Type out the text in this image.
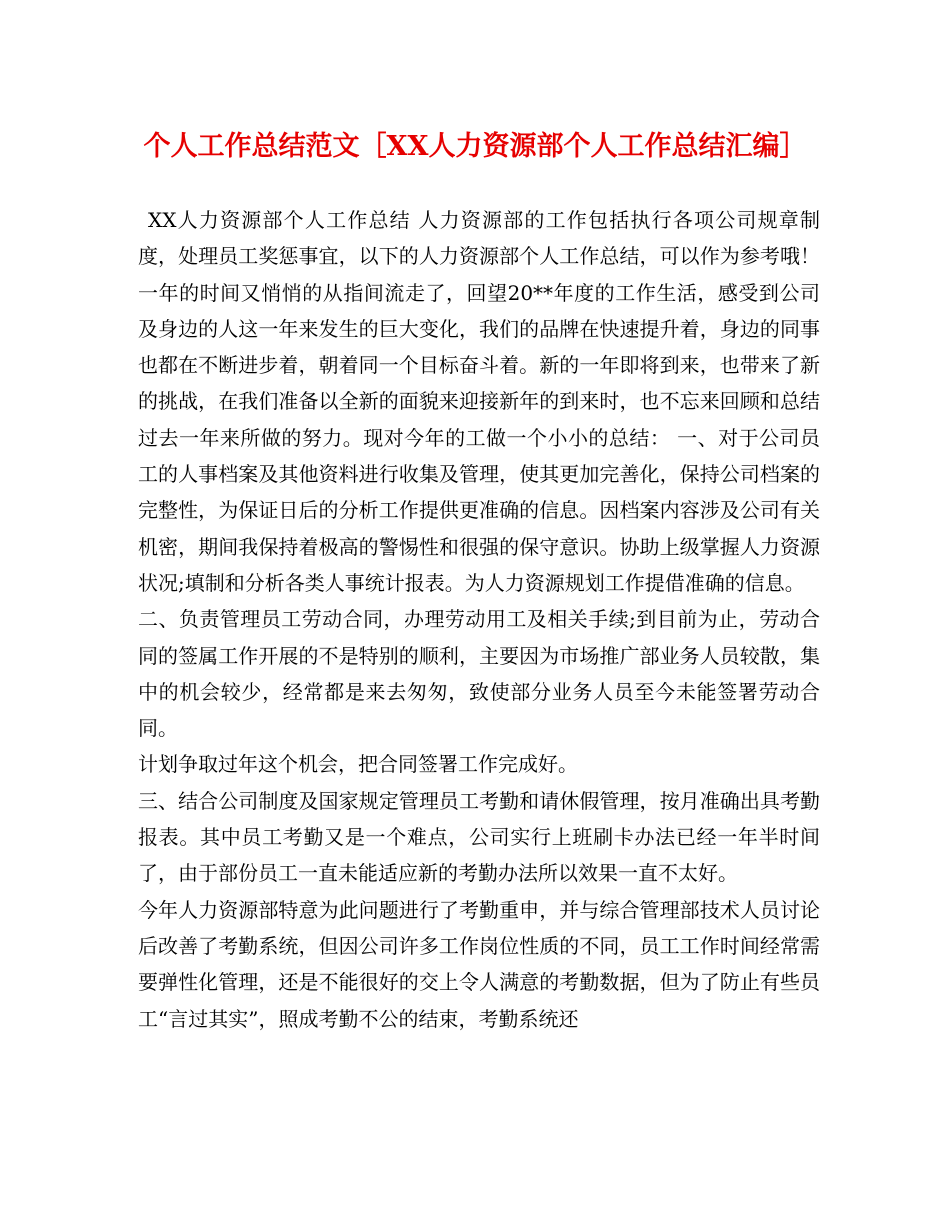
个人工作总结范文［XX人力资源部个人工作总结汇编］

XX人力资源部个人工作总结 人力资源部的工作包括执行各项公司规章制度，处理员工奖惩事宜，以下的人力资源部个人工作总结，可以作为参考哦！ 一年的时间又悄悄的从指间流走了，回望20**年度的工作生活，感受到公司及身边的人这一年来发生的巨大变化，我们的品牌在快速提升着，身边的同事也都在不断进步着，朝着同一个目标奋斗着。新的一年即将到来，也带来了新的挑战，在我们准备以全新的面貌来迎接新年的到来时，也不忘来回顾和总结过去一年来所做的努力。现对今年的工做一个小小的总结： 一、对于公司员工的人事档案及其他资料进行收集及管理，使其更加完善化，保持公司档案的完整性，为保证日后的分析工作提供更准确的信息。因档案内容涉及公司有关机密，期间我保持着极高的警惕性和很强的保守意识。协助上级掌握人力资源状况;填制和分析各类人事统计报表。为人力资源规划工作提借准确的信息。

二、负责管理员工劳动合同，办理劳动用工及相关手续;到目前为止，劳动合同的签属工作开展的不是特别的顺利，主要因为市场推广部业务人员较散，集中的机会较少，经常都是来去匆匆，致使部分业务人员至今未能签署劳动合同。

计划争取过年这个机会，把合同签署工作完成好。

三、结合公司制度及国家规定管理员工考勤和请休假管理，按月准确出具考勤报表。其中员工考勤又是一个难点，公司实行上班刷卡办法已经一年半时间了，由于部份员工一直未能适应新的考勤办法所以效果一直不太好。

今年人力资源部特意为此问题进行了考勤重申，并与综合管理部技术人员讨论后改善了考勤系统，但因公司许多工作岗位性质的不同，员工工作时间经常需要弹性化管理，还是不能很好的交上令人满意的考勤数据，但为了防止有些员工“言过其实”，照成考勤不公的结束，考勤系统还
